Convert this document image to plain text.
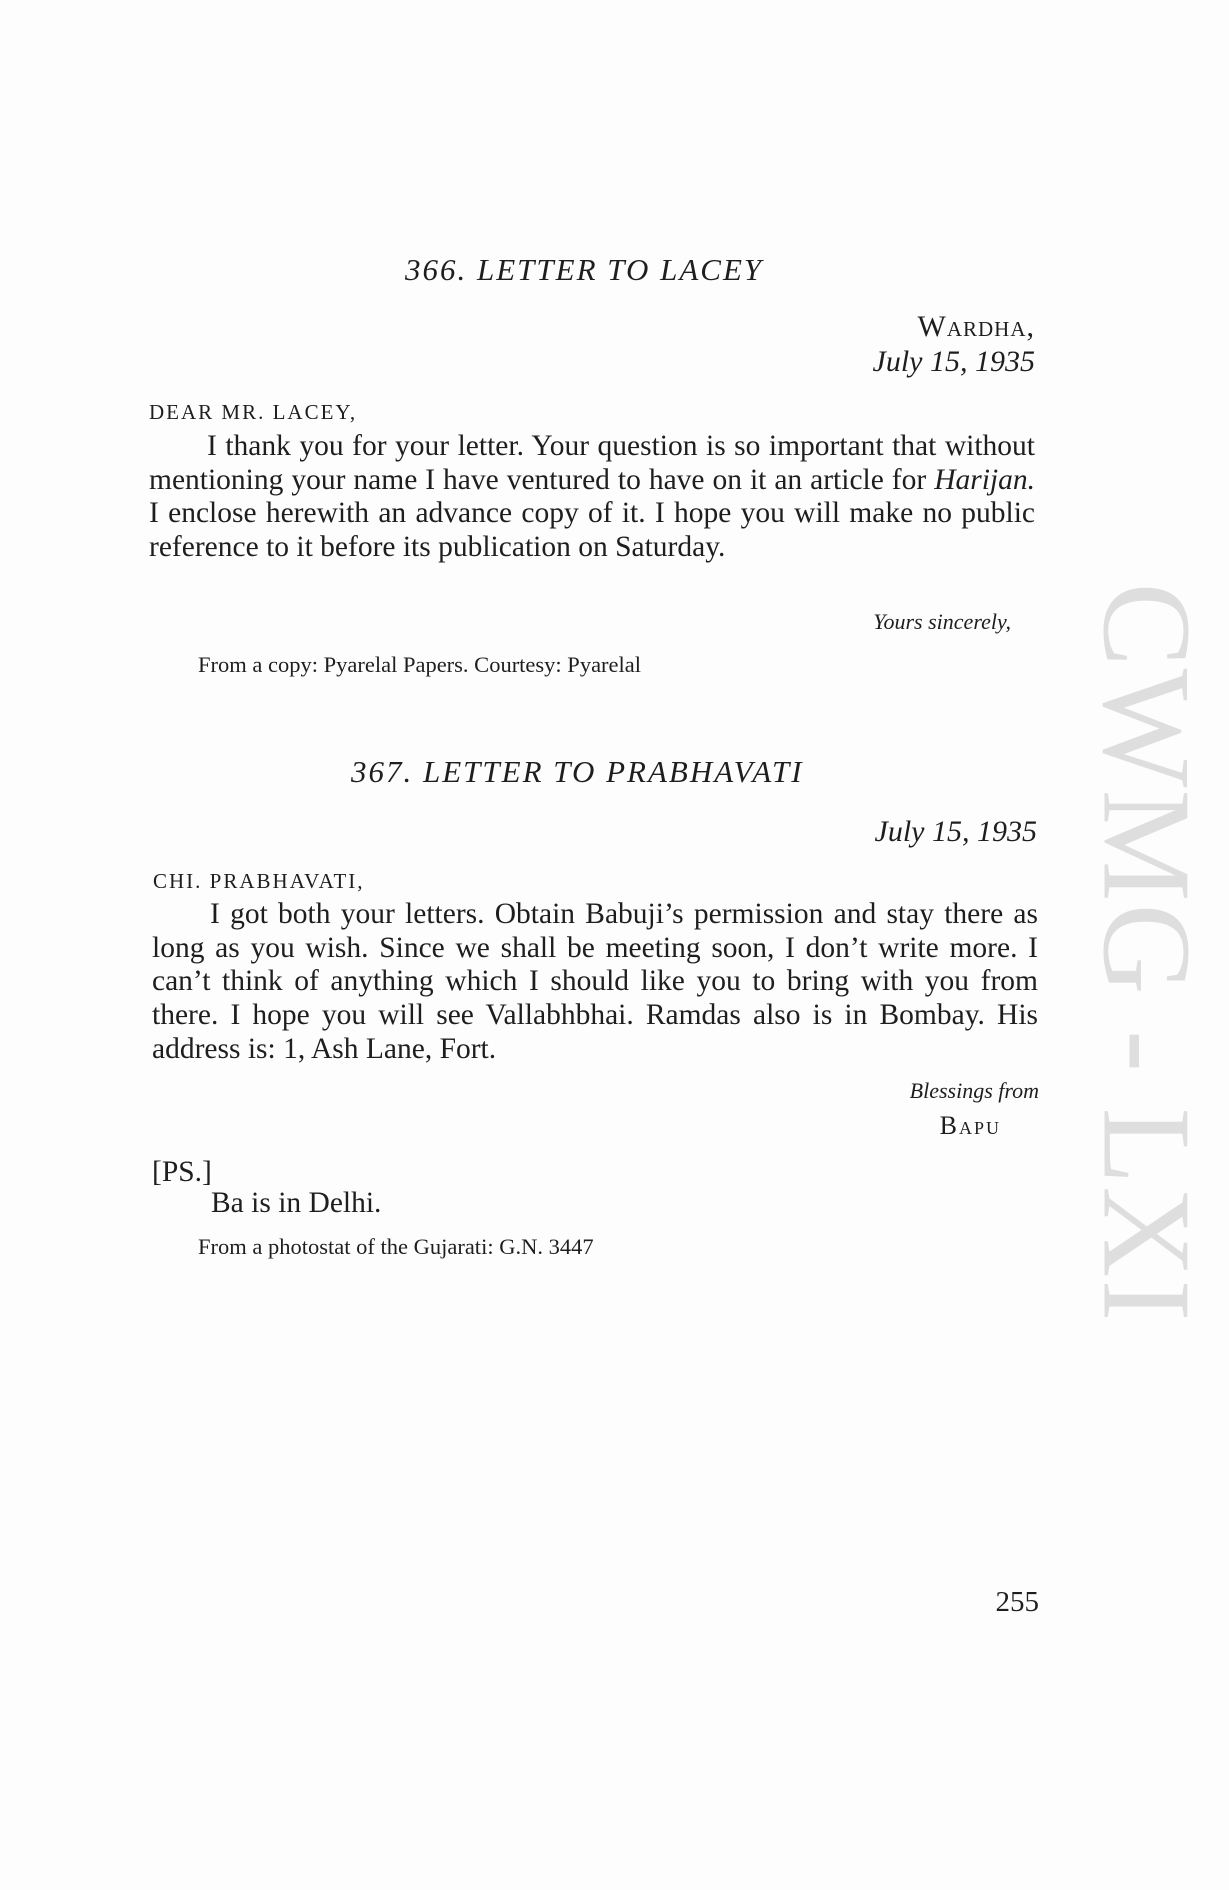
CWMG - LXI
366. LETTER TO LACEY
Wardha,
July 15, 1935
DEAR MR. LACEY,

I thank you for your letter. Your question is so important that without mentioning your name I have ventured to have on it an article for Harijan. I enclose herewith an advance copy of it. I hope you will make no public reference to it before its publication on Saturday.

Yours sincerely,
From a copy: Pyarelal Papers. Courtesy: Pyarelal
367. LETTER TO PRABHAVATI
July 15, 1935
CHI. PRABHAVATI,

I got both your letters. Obtain Babuji’s permission and stay there as long as you wish. Since we shall be meeting soon, I don’t write more. I can’t think of anything which I should like you to bring with you from there. I hope you will see Vallabhbhai. Ramdas also is in Bombay. His address is: 1, Ash Lane, Fort.

Blessings from
Bapu
[PS.]
Ba is in Delhi.
From a photostat of the Gujarati: G.N. 3447
255
